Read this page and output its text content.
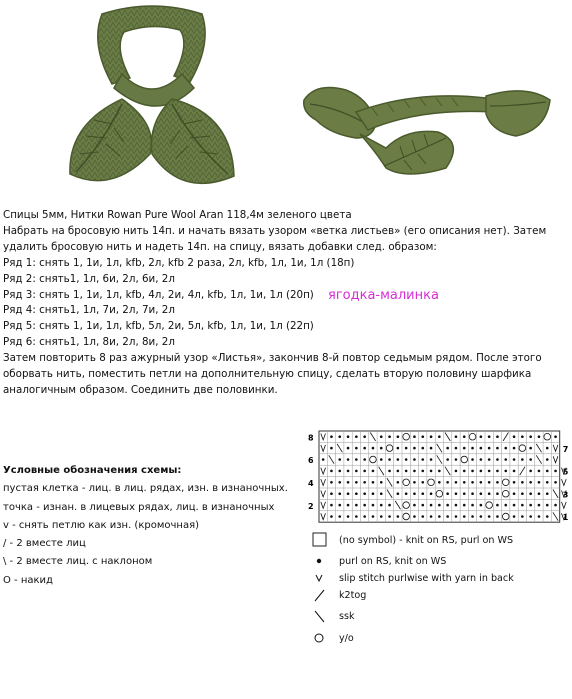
Спицы 5мм, Нитки Rowan Pure Wool Aran 118,4м зеленого цвета
Набрать на бросовую нить 14п. и начать вязать узором «ветка листьев» (его описания нет). Затем удалить бросовую нить и надеть 14п. на спицу, вязать добавки след. образом:
Ряд 1: снять 1, 1и, 1л, kfb, 2л, kfb 2 раза, 2л, kfb, 1л, 1и, 1л (18п)
Ряд 2: снять1, 1л, 6и, 2л, 6и, 2л
Ряд 3: снять 1, 1и, 1л, kfb, 4л, 2и, 4л, kfb, 1л, 1и, 1л (20п)
Ряд 4: снять1, 1л, 7и, 2л, 7и, 2л
Ряд 5: снять 1, 1и, 1л, kfb, 5л, 2и, 5л, kfb, 1л, 1и, 1л (22п)
Ряд 6: снять1, 1л, 8и, 2л, 8и, 2л
Затем повторить 8 раз ажурный узор «Листья», закончив 8-й повтор седьмым рядом. После этого оборвать нить, поместить петли на дополнительную спицу, сделать вторую половину шарфика аналогичным образом. Соединить две половинки.
ягодка-малинка
Условные обозначения схемы:
пустая клетка - лиц. в лиц. рядах, изн. в изнаночных.
точка - изнан. в лицевых рядах, лиц. в изнаночных
v - снять петлю как изн. (кромочная)
/ - 2 вместе лиц
\ - 2 вместе лиц. с наклоном
О - накид
8
6
4
2
7
5
3
1
(no symbol) - knit on RS, purl on WS
purl on RS, knit on WS
slip stitch purlwise with yarn in back
k2tog
ssk
y/o
